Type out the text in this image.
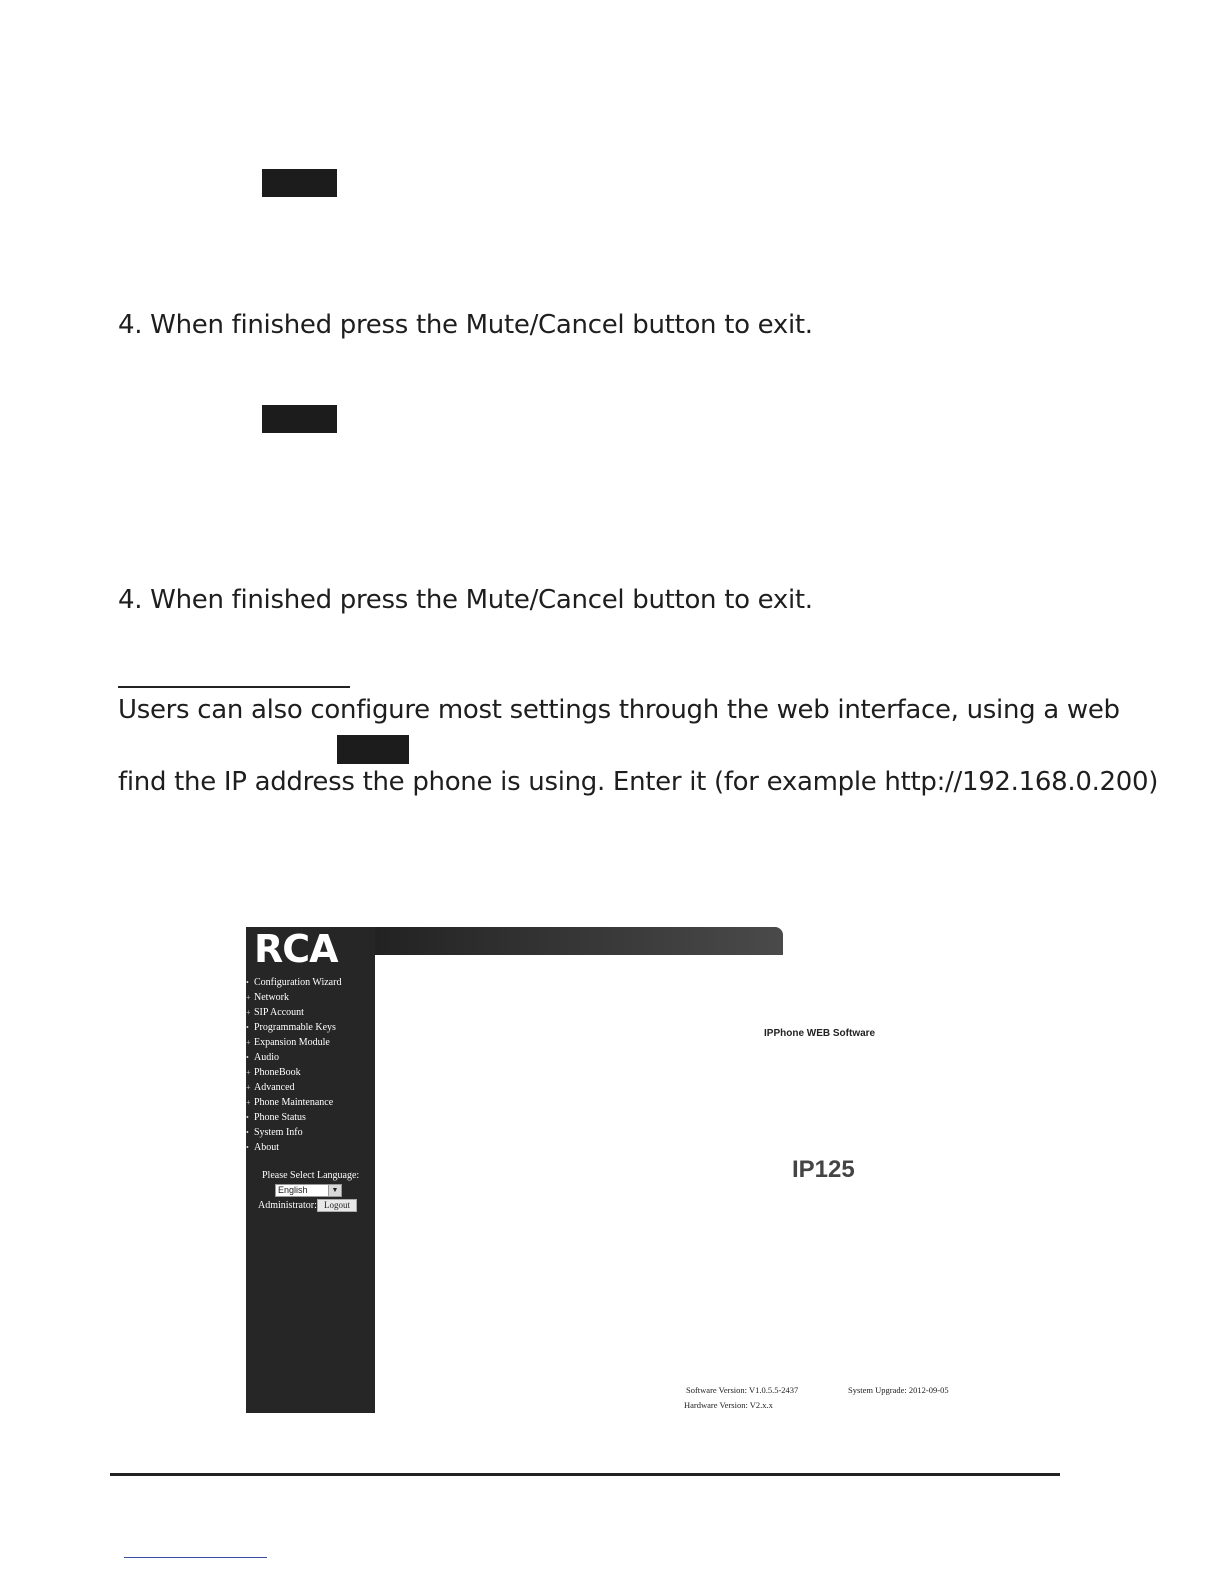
4. When finished press the Mute/Cancel button to exit.
4. When finished press the Mute/Cancel button to exit.
Users can also configure most settings through the web interface, using a web
find the IP address the phone is using. Enter it (for example http://192.168.0.200)
RCA
• Configuration Wizard
+ Network
+ SIP Account
• Programmable Keys
+ Expansion Module
• Audio
+ PhoneBook
+ Advanced
+ Phone Maintenance
• Phone Status
• System Info
• About
Please Select Language:
English	▼
Administrator: Logout
IPPhone WEB Software
IP125
Software Version: V1.0.5.5-2437	System Upgrade: 2012-09-05
Hardware Version: V2.x.x
